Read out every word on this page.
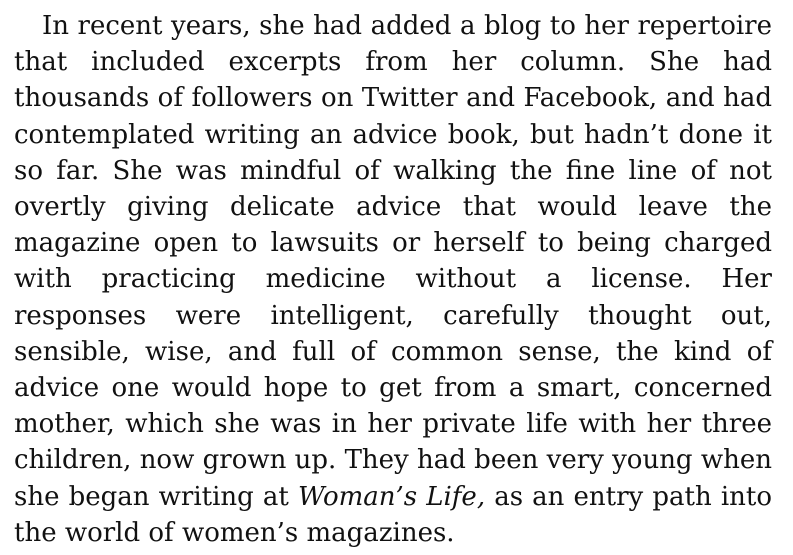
In recent years, she had added a blog to her repertoire
that included excerpts from her column. She had
thousands of followers on Twitter and Facebook, and had
contemplated writing an advice book, but hadn’t done it
so far. She was mindful of walking the fine line of not
overtly giving delicate advice that would leave the
magazine open to lawsuits or herself to being charged
with practicing medicine without a license. Her
responses were intelligent, carefully thought out,
sensible, wise, and full of common sense, the kind of
advice one would hope to get from a smart, concerned
mother, which she was in her private life with her three
children, now grown up. They had been very young when
she began writing at Woman’s Life, as an entry path into
the world of women’s magazines.
